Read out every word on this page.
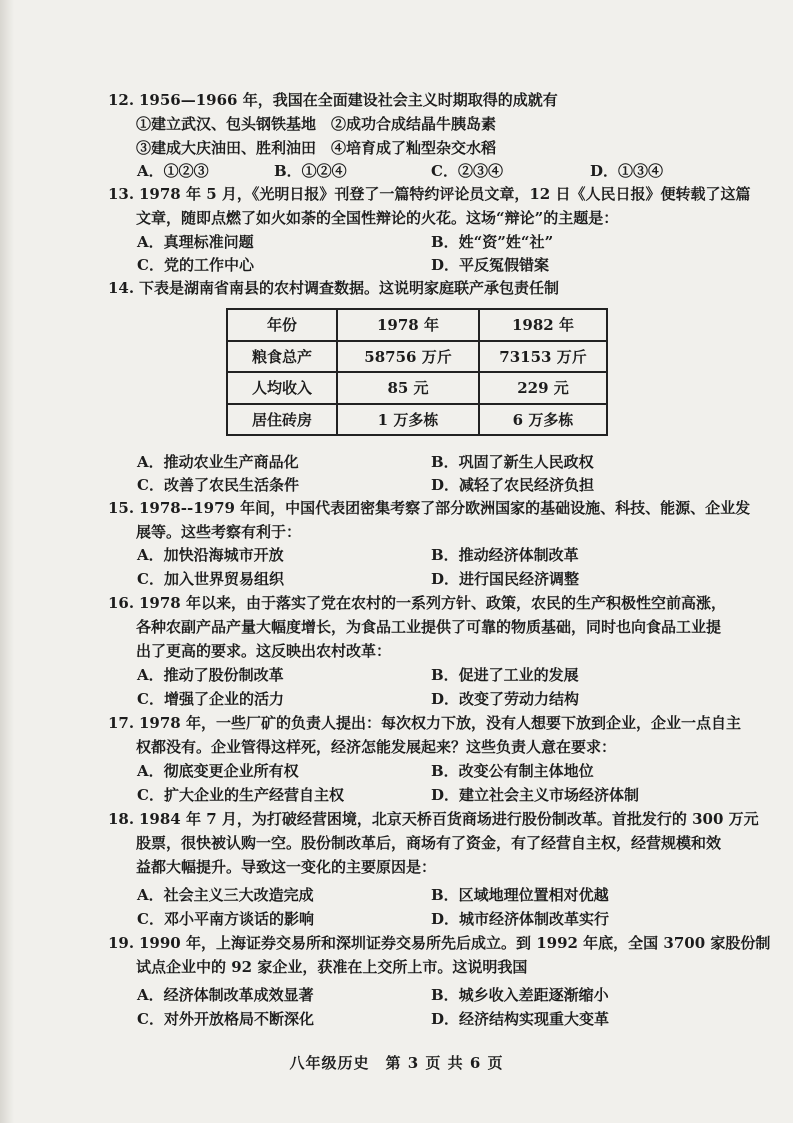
12. 1956—1966 年，我国在全面建设社会主义时期取得的成就有
①建立武汉、包头钢铁基地　②成功合成结晶牛胰岛素
③建成大庆油田、胜利油田　④培育成了籼型杂交水稻
A．①②③	B．①②④	C．②③④	D．①③④
13. 1978 年 5 月，《光明日报》刊登了一篇特约评论员文章，12 日《人民日报》便转载了这篇
文章，随即点燃了如火如荼的全国性辩论的火花。这场“辩论”的主题是：
A．真理标准问题	B．姓“资”姓“社”
C．党的工作中心	D．平反冤假错案
14. 下表是湖南省南县的农村调查数据。这说明家庭联产承包责任制
年份	1978 年	1982 年
粮食总产	58756 万斤	73153 万斤
人均收入	85 元	229 元
居住砖房	1 万多栋	6 万多栋
A．推动农业生产商品化	B．巩固了新生人民政权
C．改善了农民生活条件	D．减轻了农民经济负担
15. 1978--1979 年间，中国代表团密集考察了部分欧洲国家的基础设施、科技、能源、企业发
展等。这些考察有利于：
A．加快沿海城市开放	B．推动经济体制改革
C．加入世界贸易组织	D．进行国民经济调整
16. 1978 年以来，由于落实了党在农村的一系列方针、政策，农民的生产积极性空前高涨，
各种农副产品产量大幅度增长，为食品工业提供了可靠的物质基础，同时也向食品工业提
出了更高的要求。这反映出农村改革：
A．推动了股份制改革	B．促进了工业的发展
C．增强了企业的活力	D．改变了劳动力结构
17. 1978 年，一些厂矿的负责人提出：每次权力下放，没有人想要下放到企业，企业一点自主
权都没有。企业管得这样死，经济怎能发展起来？这些负责人意在要求：
A．彻底变更企业所有权	B．改变公有制主体地位
C．扩大企业的生产经营自主权	D．建立社会主义市场经济体制
18. 1984 年 7 月，为打破经营困境，北京天桥百货商场进行股份制改革。首批发行的 300 万元
股票，很快被认购一空。股份制改革后，商场有了资金，有了经营自主权，经营规模和效
益都大幅提升。导致这一变化的主要原因是：
A．社会主义三大改造完成	B．区域地理位置相对优越
C．邓小平南方谈话的影响	D．城市经济体制改革实行
19. 1990 年，上海证券交易所和深圳证券交易所先后成立。到 1992 年底，全国 3700 家股份制
试点企业中的 92 家企业，获准在上交所上市。这说明我国
A．经济体制改革成效显著	B．城乡收入差距逐渐缩小
C．对外开放格局不断深化	D．经济结构实现重大变革
八年级历史　第 3 页 共 6 页
